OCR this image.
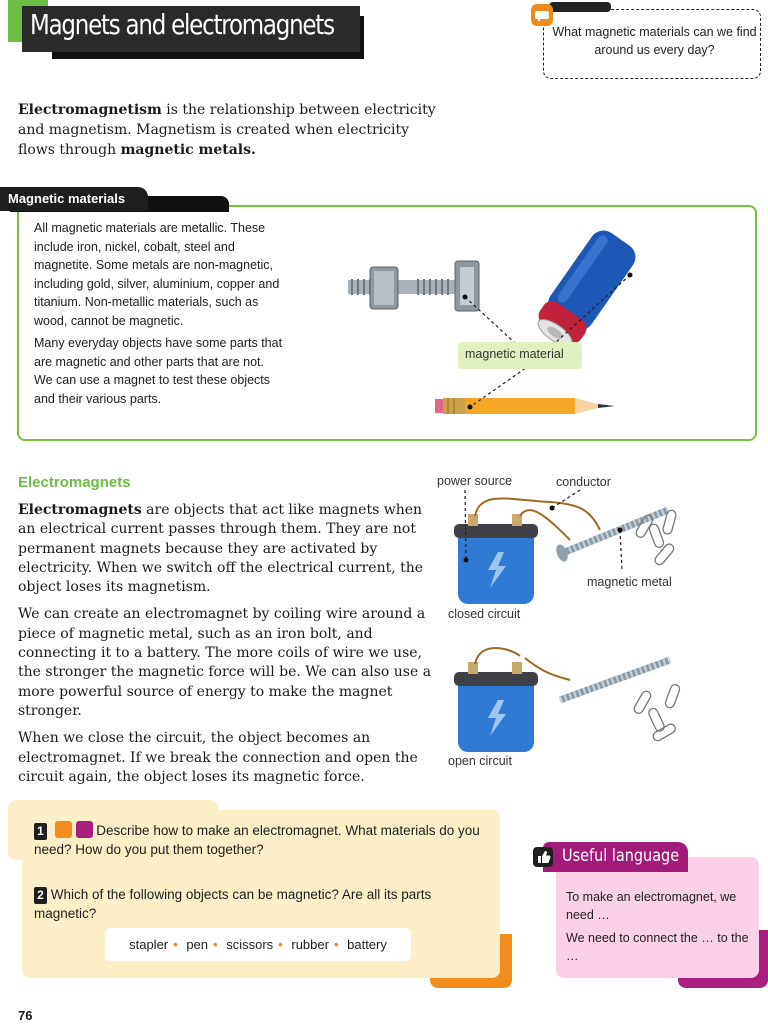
Magnets and electromagnets	What magnetic materials can we find around us every day?
Electromagnetism is the relationship between electricity and magnetism. Magnetism is created when electricity flows through magnetic metals.
Magnetic materials

All magnetic materials are metallic. These include iron, nickel, cobalt, steel and magnetite. Some metals are non-magnetic, including gold, silver, aluminium, copper and titanium. Non-metallic materials, such as wood, cannot be magnetic.

Many everyday objects have some parts that are magnetic and other parts that are not. We can use a magnet to test these objects and their various parts.

magnetic material
Electromagnets

Electromagnets are objects that act like magnets when an electrical current passes through them. They are not permanent magnets because they are activated by electricity. When we switch off the electrical current, the object loses its magnetism.

We can create an electromagnet by coiling wire around a piece of magnetic metal, such as an iron bolt, and connecting it to a battery. The more coils of wire we use, the stronger the magnetic force will be. We can also use a more powerful source of energy to make the magnet stronger.

When we close the circuit, the object becomes an electromagnet. If we break the connection and open the circuit again, the object loses its magnetic force.

power source	conductor
magnetic metal
closed circuit
open circuit
1	Describe how to make an electromagnet. What materials do you need? How do you put them together?
2 Which of the following objects can be magnetic? Are all its parts magnetic?
stapler • pen • scissors • rubber • battery
Useful language

To make an electromagnet, we need …

We need to connect the … to the …

76
